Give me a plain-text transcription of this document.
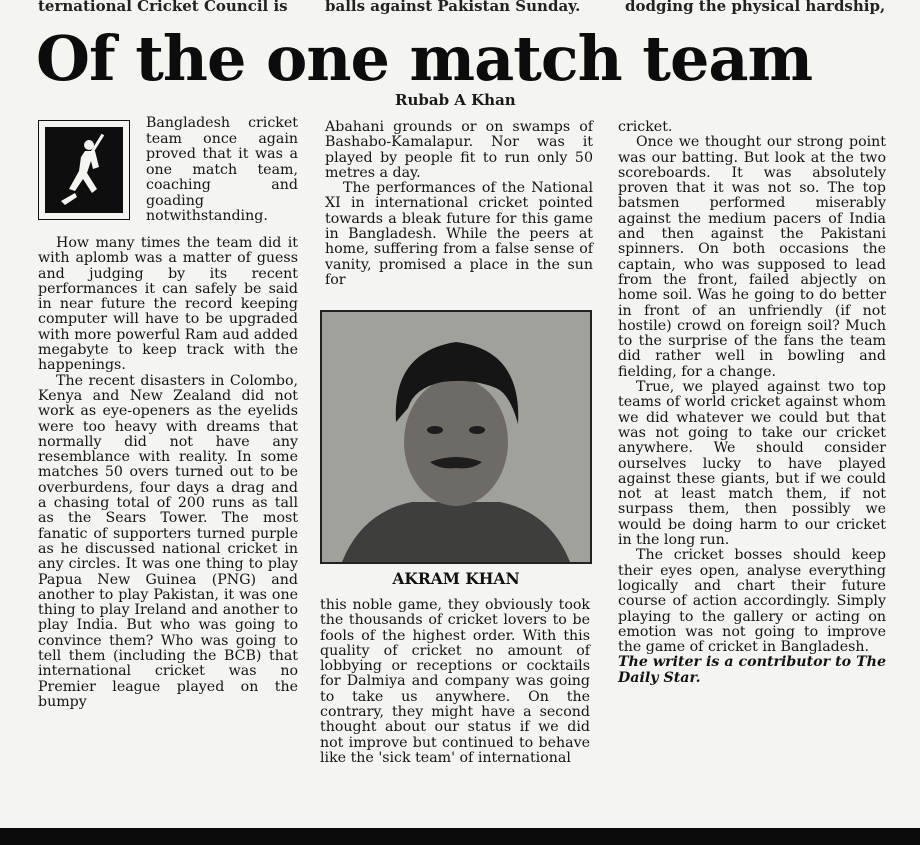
ternational Cricket Council is	balls against Pakistan Sunday.	dodging the physical hardship,
Of the one match team
Rubab A Khan

Bangladesh cricket team once again proved that it was a one match team, coaching and goading notwithstanding.

How many times the team did it with aplomb was a matter of guess and judging by its recent performances it can safely be said in near future the record keeping computer will have to be upgraded with more powerful Ram aud added megabyte to keep track with the happenings.

The recent disasters in Colombo, Kenya and New Zealand did not work as eye-openers as the eyelids were too heavy with dreams that normally did not have any resemblance with reality. In some matches 50 overs turned out to be overburdens, four days a drag and a chasing total of 200 runs as tall as the Sears Tower. The most fanatic of supporters turned purple as he discussed national cricket in any circles. It was one thing to play Papua New Guinea (PNG) and another to play Pakistan, it was one thing to play Ireland and another to play India. But who was going to convince them? Who was going to tell them (including the BCB) that international cricket was no Premier league played on the bumpy

Abahani grounds or on swamps of Bashabo-Kamalapur. Nor was it played by people fit to run only 50 metres a day.

The performances of the National XI in international cricket pointed towards a bleak future for this game in Bangladesh. While the peers at home, suffering from a false sense of vanity, promised a place in the sun for

AKRAM KHAN

this noble game, they obviously took the thousands of cricket lovers to be fools of the highest order. With this quality of cricket no amount of lobbying or receptions or cocktails for Dalmiya and company was going to take us anywhere. On the contrary, they might have a second thought about our status if we did not improve but continued to behave like the 'sick team' of international

cricket.

Once we thought our strong point was our batting. But look at the two scoreboards. It was absolutely proven that it was not so. The top batsmen performed miserably against the medium pacers of India and then against the Pakistani spinners. On both occasions the captain, who was supposed to lead from the front, failed abjectly on home soil. Was he going to do better in front of an unfriendly (if not hostile) crowd on foreign soil? Much to the surprise of the fans the team did rather well in bowling and fielding, for a change.

True, we played against two top teams of world cricket against whom we did whatever we could but that was not going to take our cricket anywhere. We should consider ourselves lucky to have played against these giants, but if we could not at least match them, if not surpass them, then possibly we would be doing harm to our cricket in the long run.

The cricket bosses should keep their eyes open, analyse everything logically and chart their future course of action accordingly. Simply playing to the gallery or acting on emotion was not going to improve the game of cricket in Bangladesh.

The writer is a contributor to The Daily Star.
